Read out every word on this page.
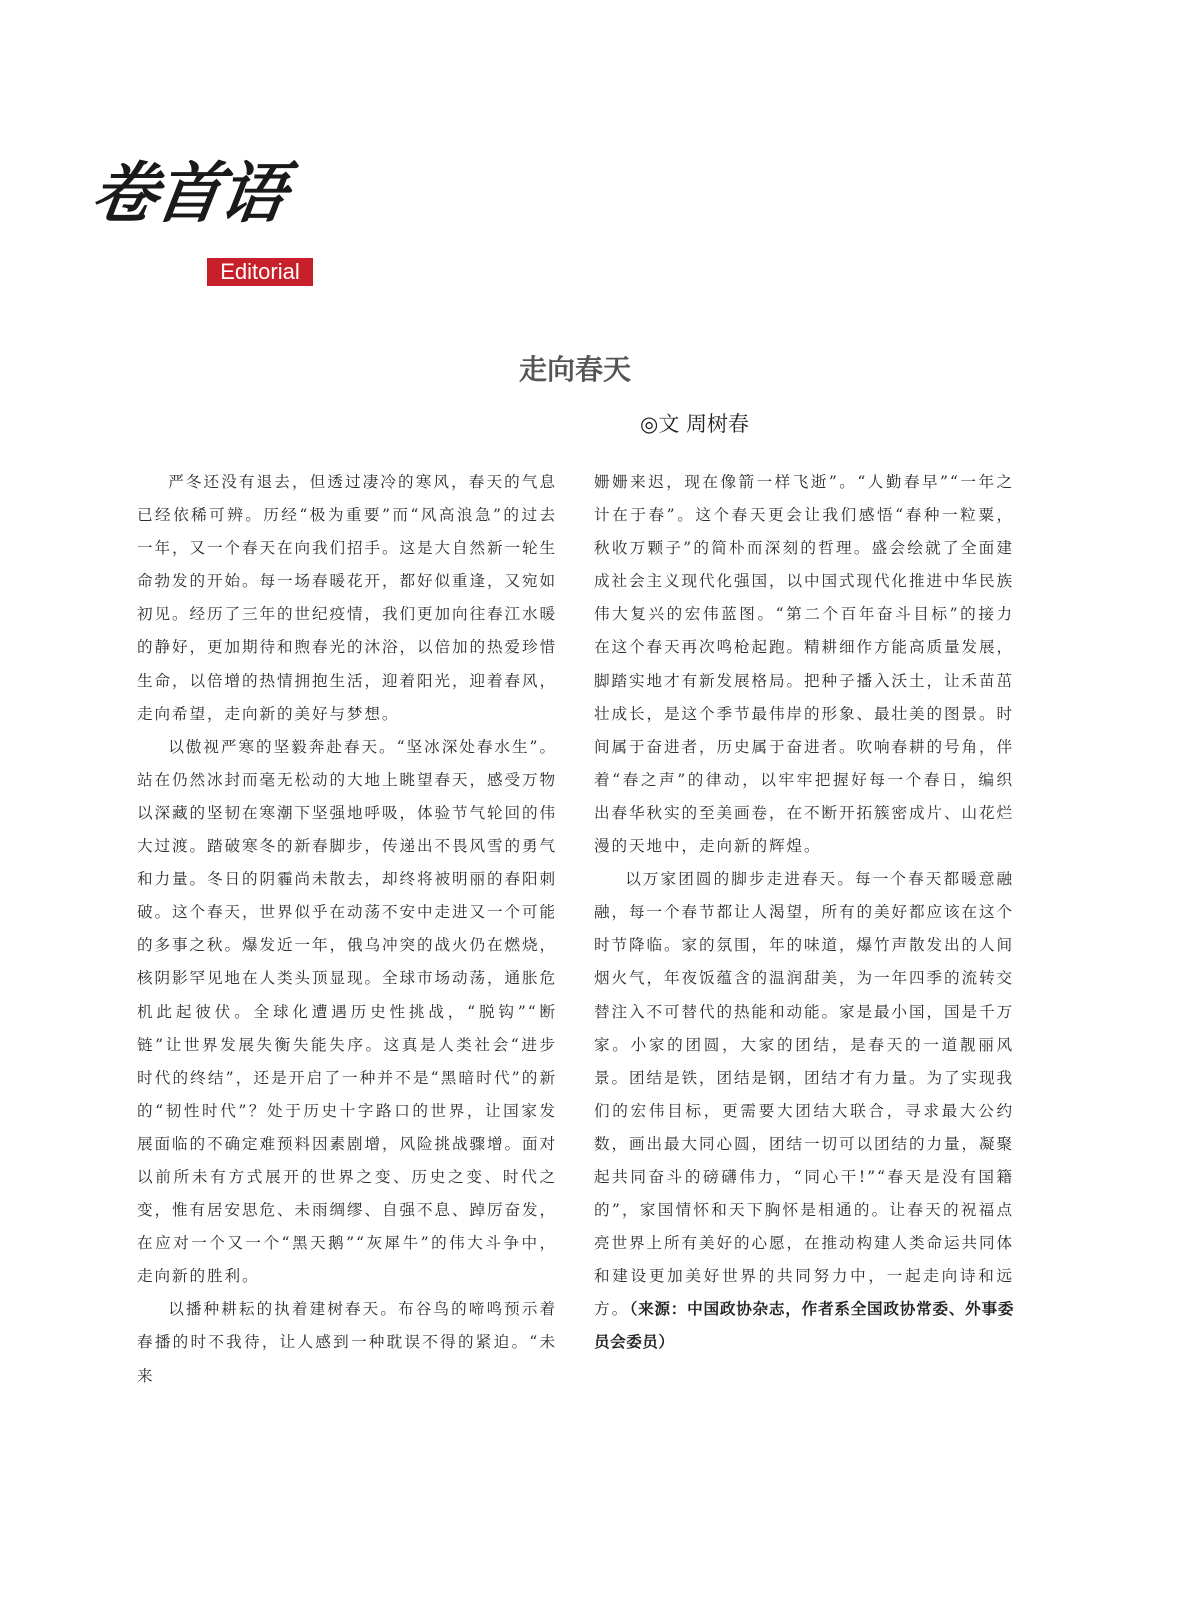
卷首语
Editorial
走向春天
◎文 周树春

严冬还没有退去，但透过凄冷的寒风，春天的气息已经依稀可辨。历经“极为重要”而“风高浪急”的过去一年，又一个春天在向我们招手。这是大自然新一轮生命勃发的开始。每一场春暖花开，都好似重逢，又宛如初见。经历了三年的世纪疫情，我们更加向往春江水暖的静好，更加期待和煦春光的沐浴，以倍加的热爱珍惜生命，以倍增的热情拥抱生活，迎着阳光，迎着春风，走向希望，走向新的美好与梦想。

以傲视严寒的坚毅奔赴春天。“坚冰深处春水生”。站在仍然冰封而毫无松动的大地上眺望春天，感受万物以深藏的坚韧在寒潮下坚强地呼吸，体验节气轮回的伟大过渡。踏破寒冬的新春脚步，传递出不畏风雪的勇气和力量。冬日的阴霾尚未散去，却终将被明丽的春阳刺破。这个春天，世界似乎在动荡不安中走进又一个可能的多事之秋。爆发近一年，俄乌冲突的战火仍在燃烧，核阴影罕见地在人类头顶显现。全球市场动荡，通胀危机此起彼伏。全球化遭遇历史性挑战，“脱钩”“断链”让世界发展失衡失能失序。这真是人类社会“进步时代的终结”，还是开启了一种并不是“黑暗时代”的新的“韧性时代”？处于历史十字路口的世界，让国家发展面临的不确定难预料因素剧增，风险挑战骤增。面对以前所未有方式展开的世界之变、历史之变、时代之变，惟有居安思危、未雨绸缪、自强不息、踔厉奋发，在应对一个又一个“黑天鹅”“灰犀牛”的伟大斗争中，走向新的胜利。

以播种耕耘的执着建树春天。布谷鸟的啼鸣预示着春播的时不我待，让人感到一种耽误不得的紧迫。“未来

姗姗来迟，现在像箭一样飞逝”。“人勤春早”“一年之计在于春”。这个春天更会让我们感悟“春种一粒粟，秋收万颗子”的简朴而深刻的哲理。盛会绘就了全面建成社会主义现代化强国，以中国式现代化推进中华民族伟大复兴的宏伟蓝图。“第二个百年奋斗目标”的接力在这个春天再次鸣枪起跑。精耕细作方能高质量发展，脚踏实地才有新发展格局。把种子播入沃土，让禾苗茁壮成长，是这个季节最伟岸的形象、最壮美的图景。时间属于奋进者，历史属于奋进者。吹响春耕的号角，伴着“春之声”的律动，以牢牢把握好每一个春日，编织出春华秋实的至美画卷，在不断开拓簇密成片、山花烂漫的天地中，走向新的辉煌。

以万家团圆的脚步走进春天。每一个春天都暖意融融，每一个春节都让人渴望，所有的美好都应该在这个时节降临。家的氛围，年的味道，爆竹声散发出的人间烟火气，年夜饭蕴含的温润甜美，为一年四季的流转交替注入不可替代的热能和动能。家是最小国，国是千万家。小家的团圆，大家的团结，是春天的一道靓丽风景。团结是铁，团结是钢，团结才有力量。为了实现我们的宏伟目标，更需要大团结大联合，寻求最大公约数，画出最大同心圆，团结一切可以团结的力量，凝聚起共同奋斗的磅礴伟力，“同心干!”“春天是没有国籍的”，家国情怀和天下胸怀是相通的。让春天的祝福点亮世界上所有美好的心愿，在推动构建人类命运共同体和建设更加美好世界的共同努力中，一起走向诗和远方。（来源：中国政协杂志，作者系全国政协常委、外事委员会委员）
